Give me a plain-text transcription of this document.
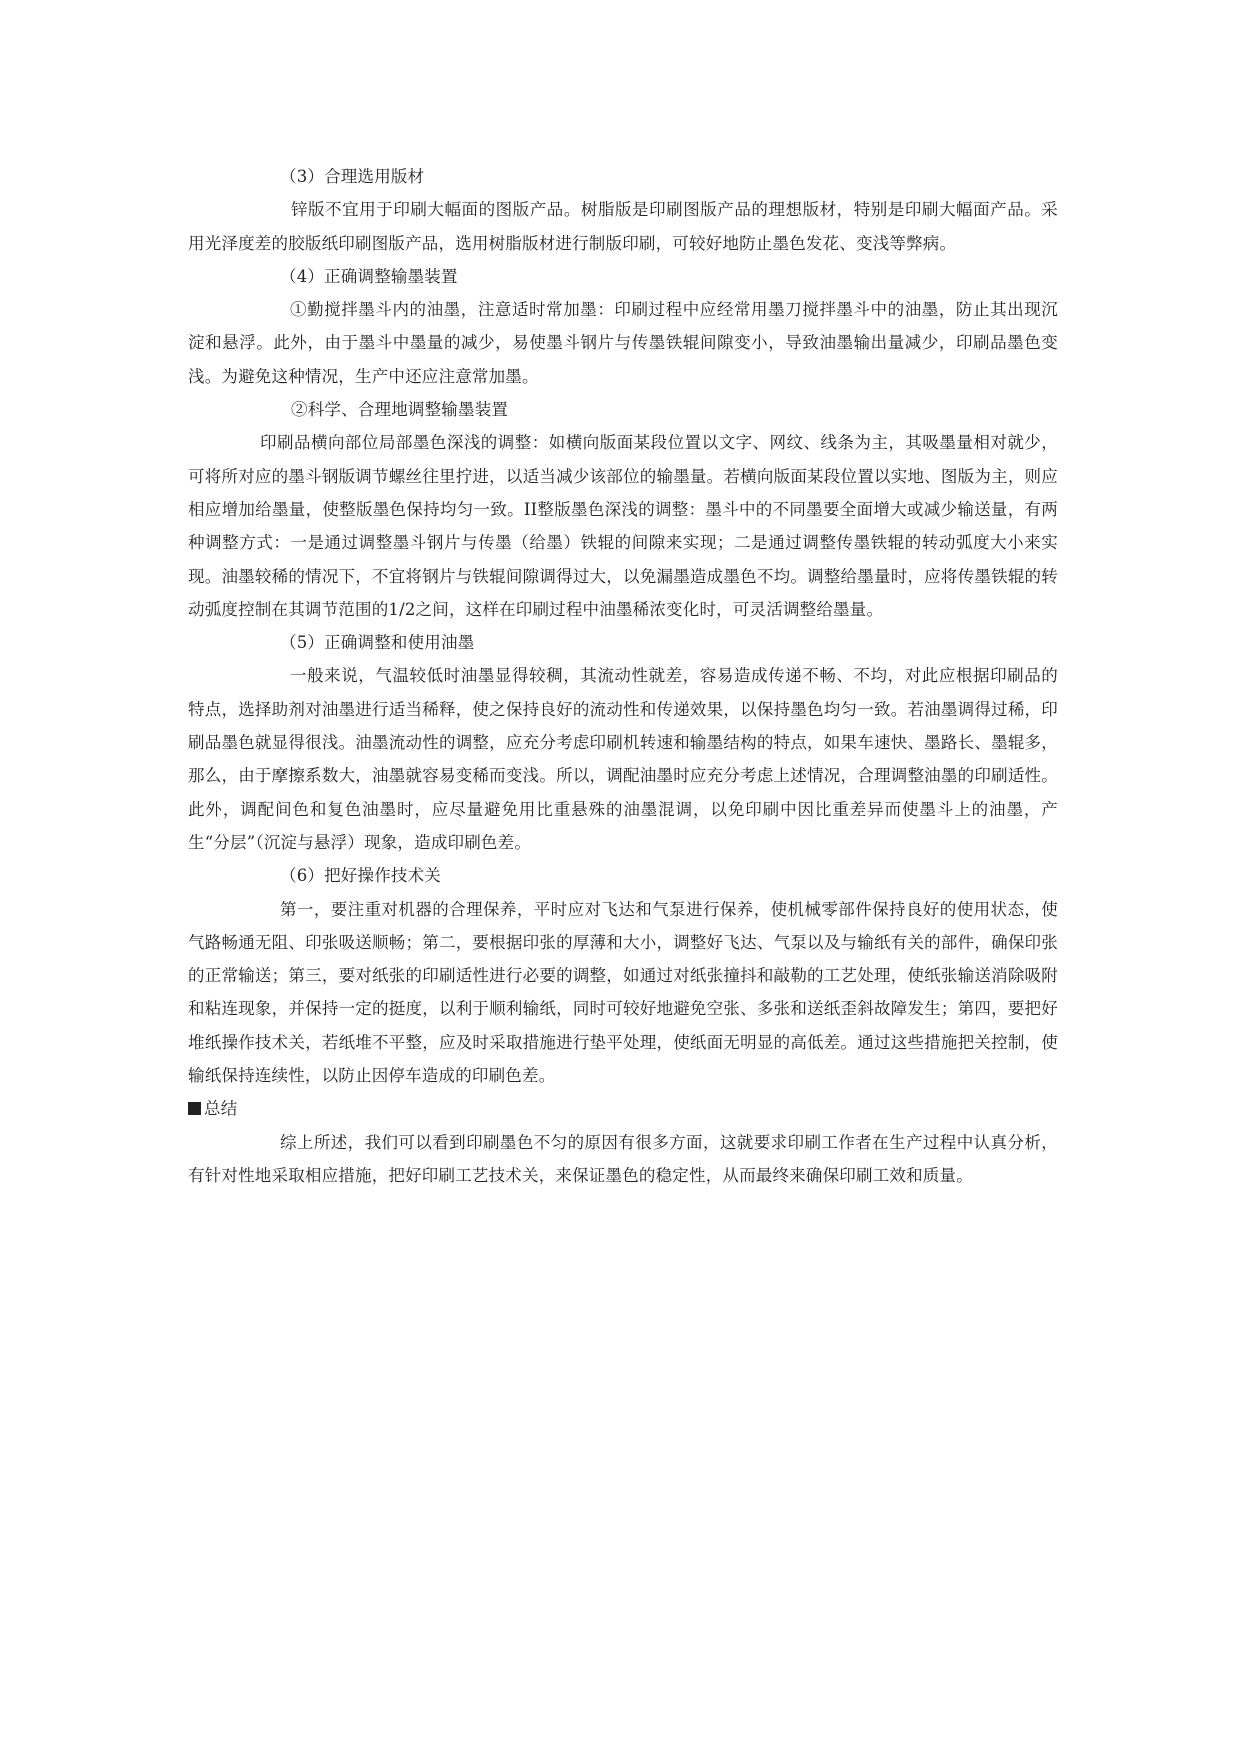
（3）合理选用版材

锌版不宜用于印刷大幅面的图版产品。树脂版是印刷图版产品的理想版材，特别是印刷大幅面产品。采用光泽度差的胶版纸印刷图版产品，选用树脂版材进行制版印刷，可较好地防止墨色发花、变浅等弊病。

（4）正确调整输墨装置

①勤搅拌墨斗内的油墨，注意适时常加墨：印刷过程中应经常用墨刀搅拌墨斗中的油墨，防止其出现沉淀和悬浮。此外，由于墨斗中墨量的减少，易使墨斗钢片与传墨铁辊间隙变小，导致油墨输出量减少，印刷品墨色变浅。为避免这种情况，生产中还应注意常加墨。

②科学、合理地调整输墨装置

印刷品横向部位局部墨色深浅的调整：如横向版面某段位置以文字、网纹、线条为主，其吸墨量相对就少，可将所对应的墨斗钢版调节螺丝往里拧进，以适当减少该部位的输墨量。若横向版面某段位置以实地、图版为主，则应相应增加给墨量，使整版墨色保持均匀一致。II整版墨色深浅的调整：墨斗中的不同墨要全面增大或减少输送量，有两种调整方式：一是通过调整墨斗钢片与传墨（给墨）铁辊的间隙来实现；二是通过调整传墨铁辊的转动弧度大小来实现。油墨较稀的情况下，不宜将钢片与铁辊间隙调得过大，以免漏墨造成墨色不均。调整给墨量时，应将传墨铁辊的转动弧度控制在其调节范围的1/2之间，这样在印刷过程中油墨稀浓变化时，可灵活调整给墨量。

（5）正确调整和使用油墨

一般来说，气温较低时油墨显得较稠，其流动性就差，容易造成传递不畅、不均，对此应根据印刷品的特点，选择助剂对油墨进行适当稀释，使之保持良好的流动性和传递效果，以保持墨色均匀一致。若油墨调得过稀，印刷品墨色就显得很浅。油墨流动性的调整，应充分考虑印刷机转速和输墨结构的特点，如果车速快、墨路长、墨辊多，那么，由于摩擦系数大，油墨就容易变稀而变浅。所以，调配油墨时应充分考虑上述情况，合理调整油墨的印刷适性。此外，调配间色和复色油墨时，应尽量避免用比重悬殊的油墨混调，以免印刷中因比重差异而使墨斗上的油墨，产生“分层”（沉淀与悬浮）现象，造成印刷色差。

（6）把好操作技术关

第一，要注重对机器的合理保养，平时应对飞达和气泵进行保养，使机械零部件保持良好的使用状态，使气路畅通无阻、印张吸送顺畅；第二，要根据印张的厚薄和大小，调整好飞达、气泵以及与输纸有关的部件，确保印张的正常输送；第三，要对纸张的印刷适性进行必要的调整，如通过对纸张撞抖和敲勒的工艺处理，使纸张输送消除吸附和粘连现象，并保持一定的挺度，以利于顺利输纸，同时可较好地避免空张、多张和送纸歪斜故障发生；第四，要把好堆纸操作技术关，若纸堆不平整，应及时采取措施进行垫平处理，使纸面无明显的高低差。通过这些措施把关控制，使输纸保持连续性，以防止因停车造成的印刷色差。

总结

综上所述，我们可以看到印刷墨色不匀的原因有很多方面，这就要求印刷工作者在生产过程中认真分析，有针对性地采取相应措施，把好印刷工艺技术关，来保证墨色的稳定性，从而最终来确保印刷工效和质量。
